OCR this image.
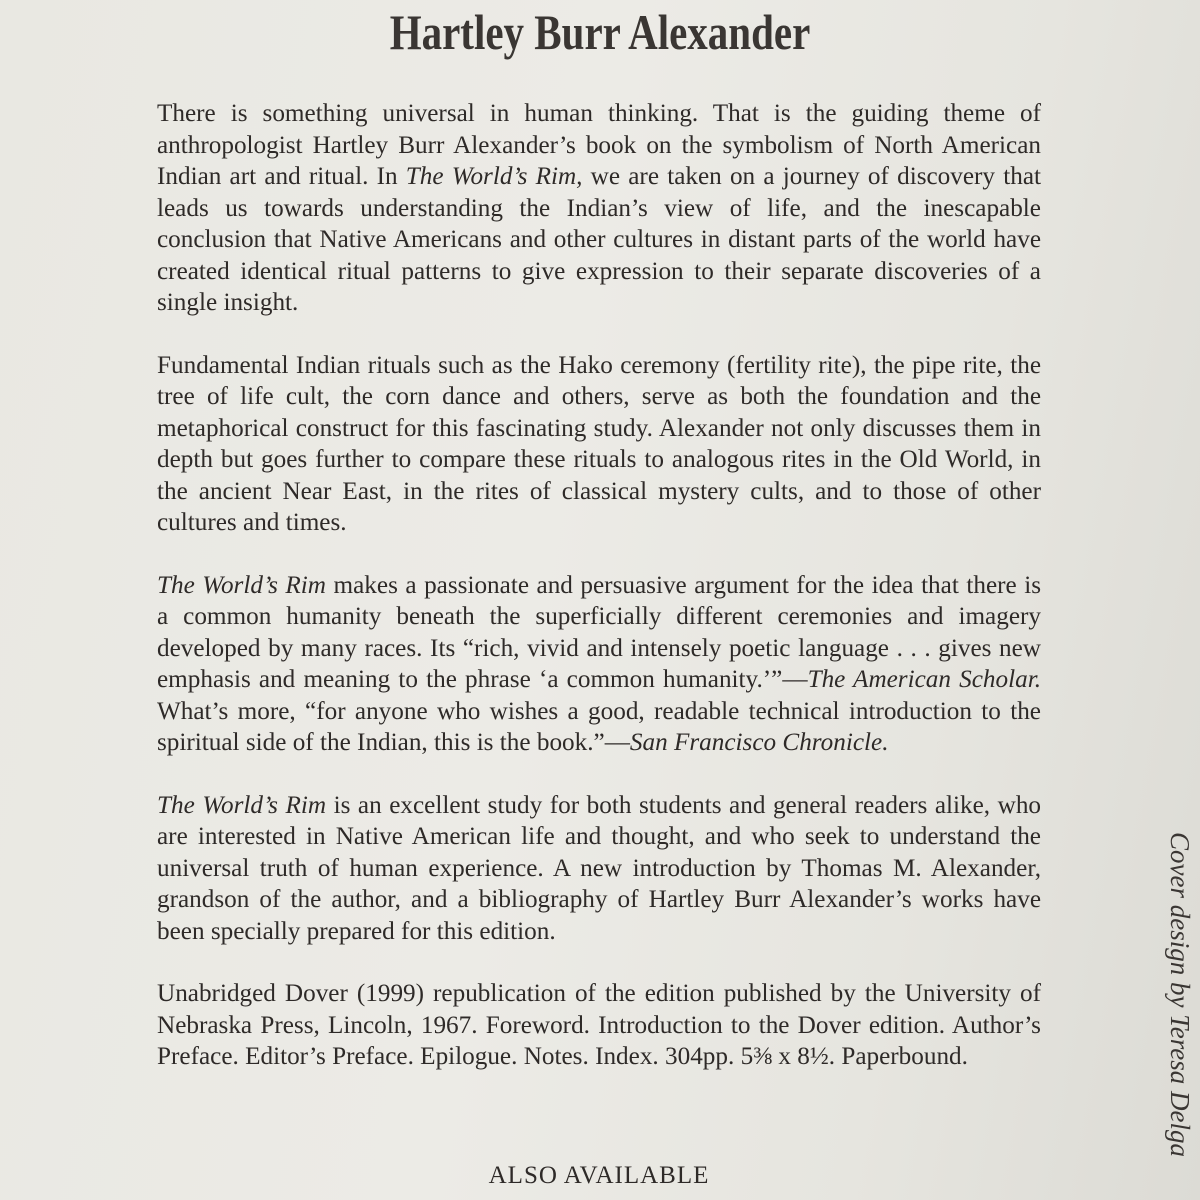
Hartley Burr Alexander

There is something universal in human thinking. That is the guiding theme of anthropologist Hartley Burr Alexander’s book on the symbolism of North American Indian art and ritual. In The World’s Rim, we are taken on a journey of discovery that leads us towards understanding the Indian’s view of life, and the inescapable conclusion that Native Americans and other cultures in distant parts of the world have created identical ritual patterns to give expression to their separate discoveries of a single insight.

Fundamental Indian rituals such as the Hako ceremony (fertility rite), the pipe rite, the tree of life cult, the corn dance and others, serve as both the foundation and the metaphorical construct for this fascinating study. Alexander not only discusses them in depth but goes further to compare these rituals to analogous rites in the Old World, in the ancient Near East, in the rites of classical mystery cults, and to those of other cultures and times.

The World’s Rim makes a passionate and persuasive argument for the idea that there is a common humanity beneath the superficially different ceremonies and imagery developed by many races. Its “rich, vivid and intensely poetic language . . . gives new emphasis and meaning to the phrase ‘a common humanity.’”—The American Scholar. What’s more, “for anyone who wishes a good, readable technical introduction to the spiritual side of the Indian, this is the book.”—San Francisco Chronicle.

The World’s Rim is an excellent study for both students and general readers alike, who are interested in Native American life and thought, and who seek to understand the universal truth of human experience. A new introduction by Thomas M. Alexander, grandson of the author, and a bibliography of Hartley Burr Alexander’s works have been specially prepared for this edition.

Unabridged Dover (1999) republication of the edition published by the University of Nebraska Press, Lincoln, 1967. Foreword. Introduction to the Dover edition. Author’s Preface. Editor’s Preface. Epilogue. Notes. Index. 304pp. 5⅜ x 8½. Paperbound.

ALSO AVAILABLE
Cover design by Teresa Delga
